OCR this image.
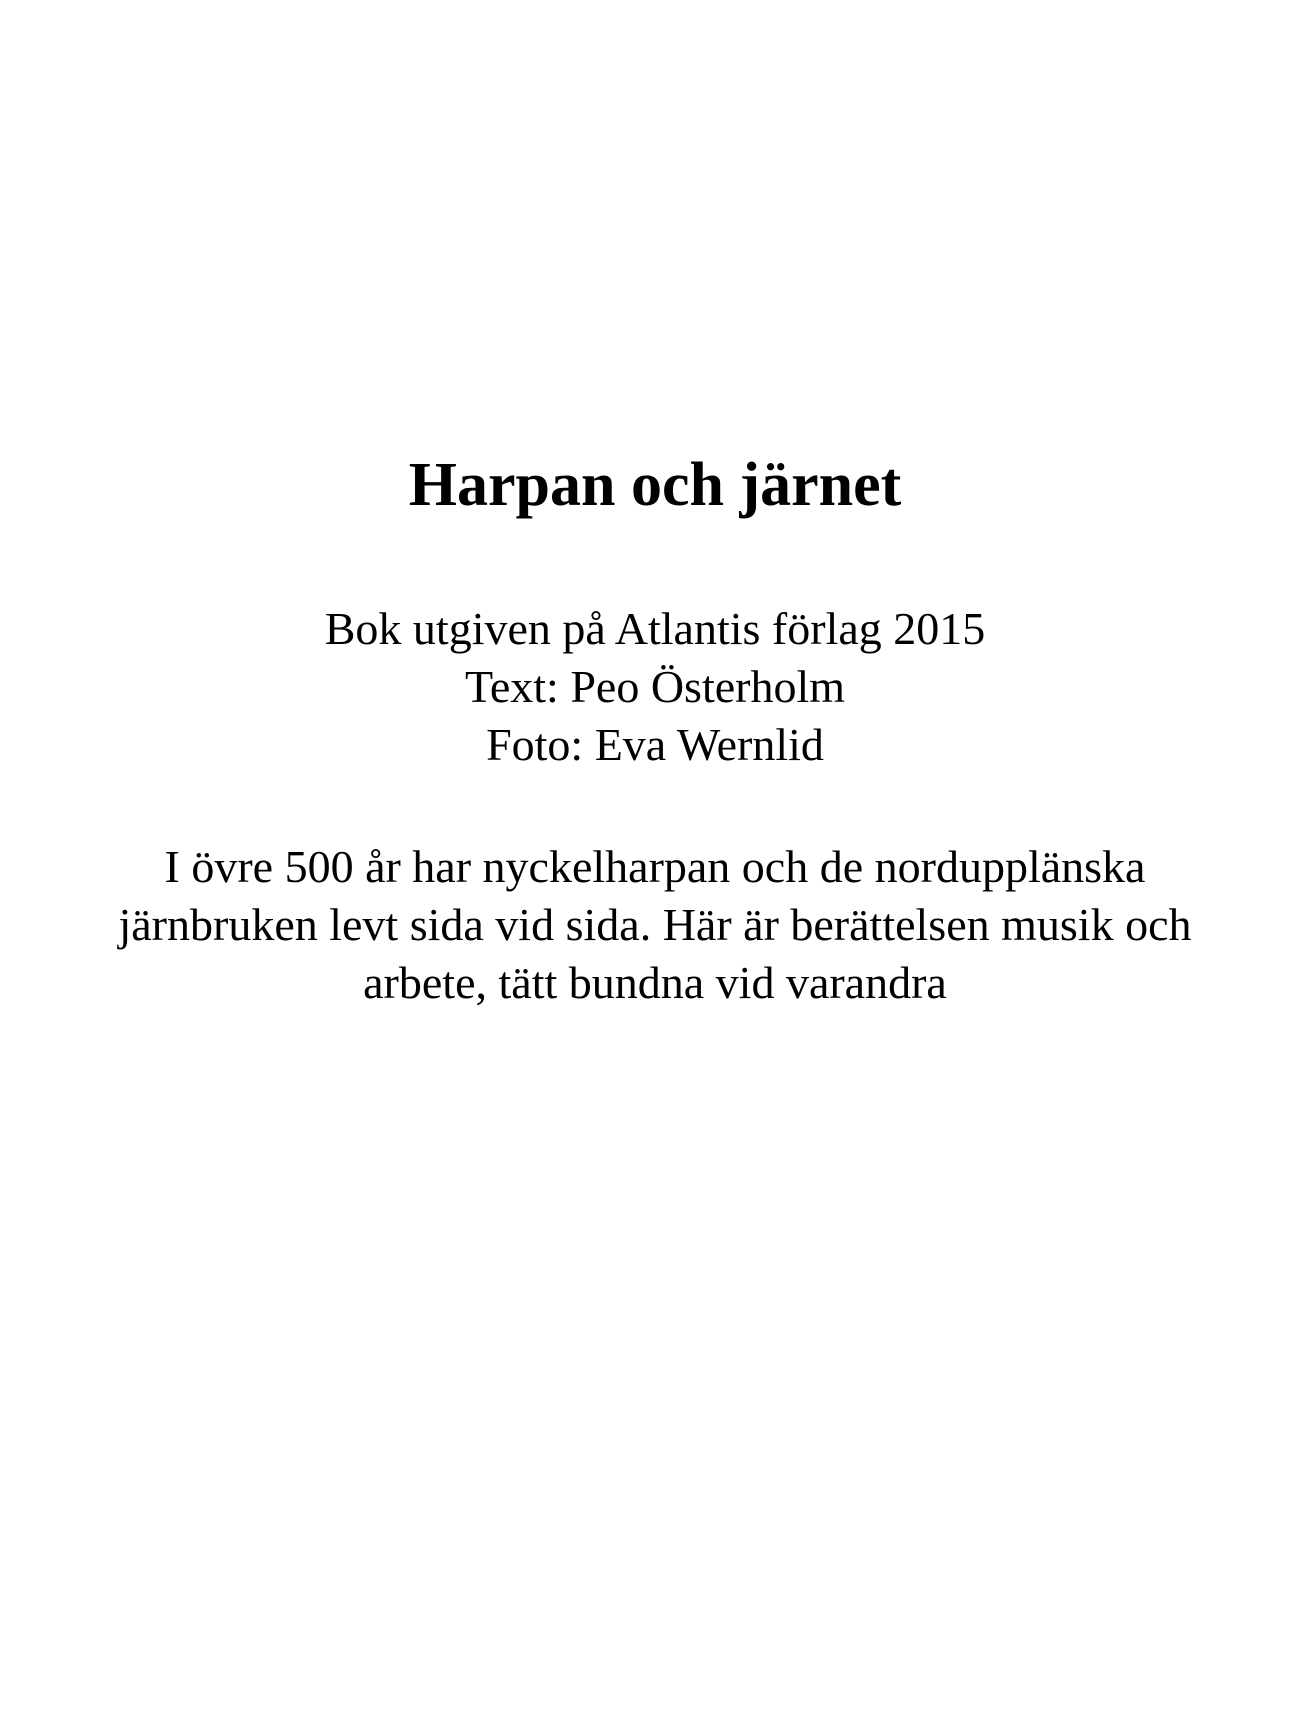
Harpan och järnet
Bok utgiven på Atlantis förlag 2015
Text: Peo Österholm
Foto: Eva Wernlid
I övre 500 år har nyckelharpan och de nordupplänska
järnbruken levt sida vid sida. Här är berättelsen musik och
arbete, tätt bundna vid varandra
